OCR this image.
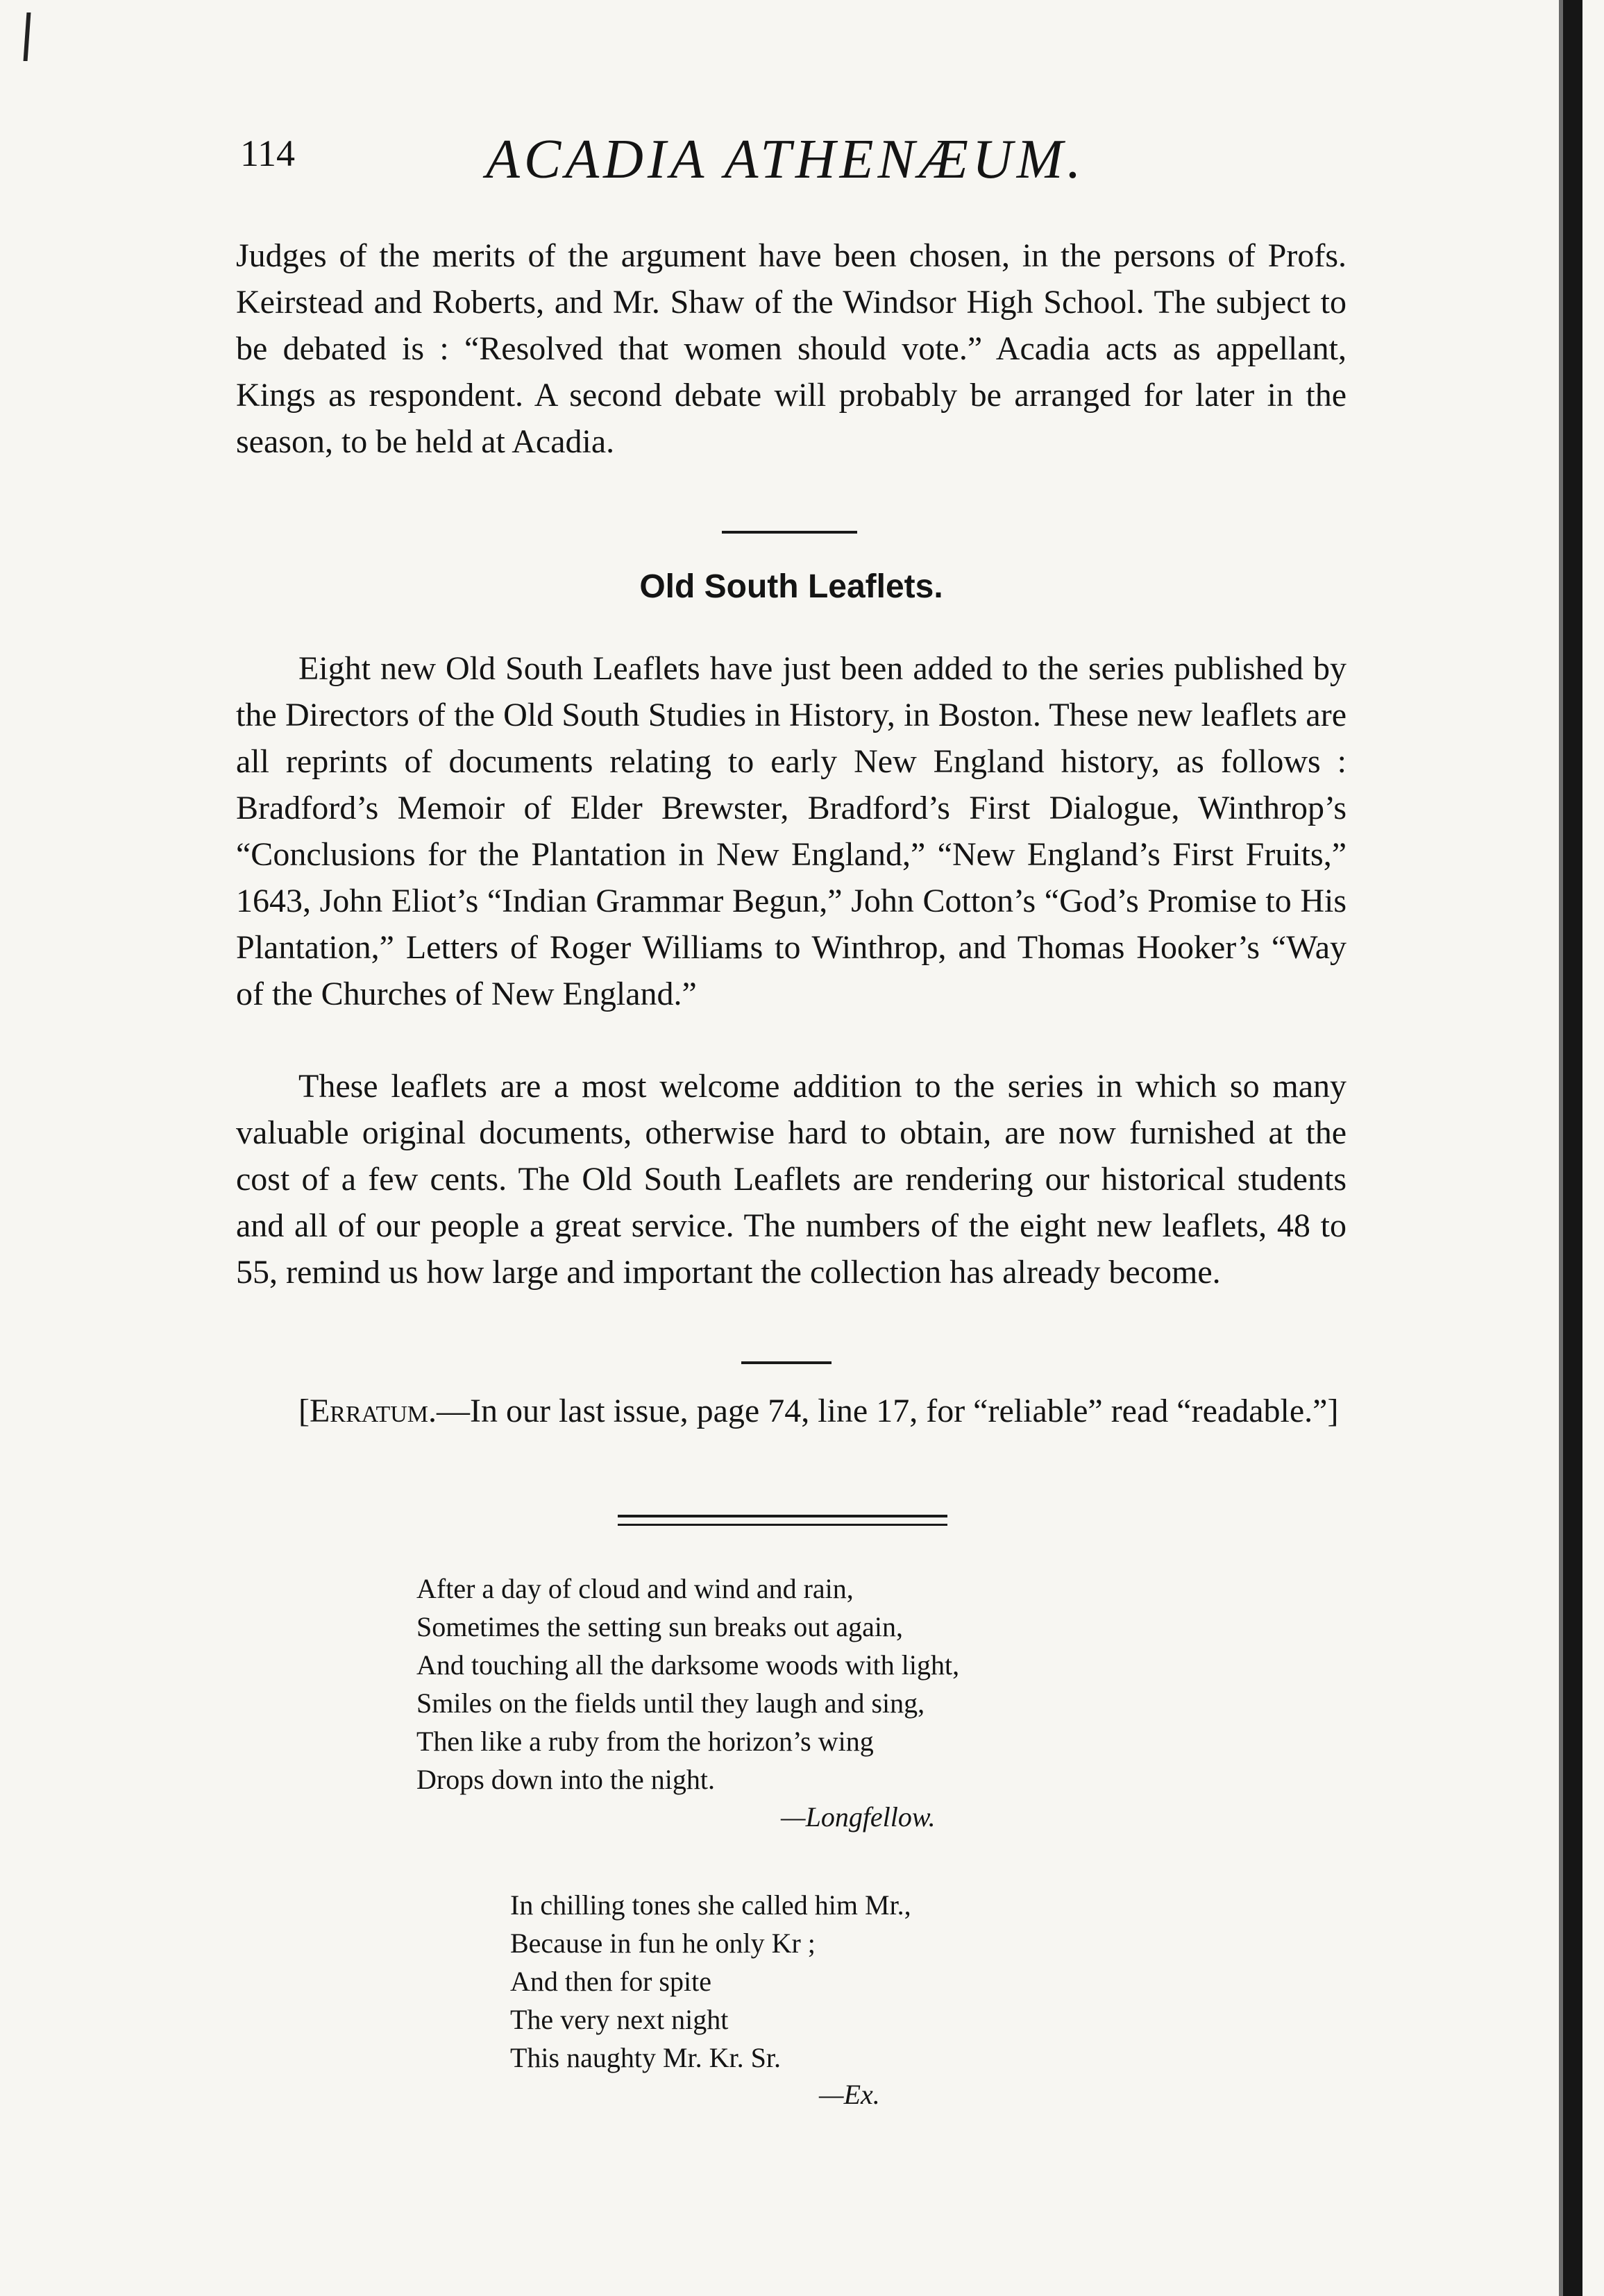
114	ACADIA ATHENÆUM.

Judges of the merits of the argument have been chosen, in the persons of Profs. Keirstead and Roberts, and Mr. Shaw of the Windsor High School. The subject to be debated is : “Resolved that women should vote.” Acadia acts as appellant, Kings as respondent. A second debate will probably be arranged for later in the season, to be held at Acadia.

Old South Leaflets.

Eight new Old South Leaflets have just been added to the series published by the Directors of the Old South Studies in History, in Boston. These new leaflets are all reprints of documents relating to early New England history, as follows : Bradford’s Memoir of Elder Brewster, Bradford’s First Dialogue, Winthrop’s “Conclusions for the Plantation in New England,” “New England’s First Fruits,” 1643, John Eliot’s “Indian Grammar Begun,” John Cotton’s “God’s Promise to His Plantation,” Letters of Roger Williams to Winthrop, and Thomas Hooker’s “Way of the Churches of New England.”

These leaflets are a most welcome addition to the series in which so many valuable original documents, otherwise hard to obtain, are now furnished at the cost of a few cents. The Old South Leaflets are rendering our historical students and all of our people a great service. The numbers of the eight new leaflets, 48 to 55, remind us how large and important the collection has already become.

[Erratum.—In our last issue, page 74, line 17, for “reliable” read “readable.”]

After a day of cloud and wind and rain,
Sometimes the setting sun breaks out again,
And touching all the darksome woods with light,
Smiles on the fields until they laugh and sing,
Then like a ruby from the horizon’s wing
Drops down into the night.
—Longfellow.
In chilling tones she called him Mr.,
Because in fun he only Kr ;
And then for spite
The very next night
This naughty Mr. Kr. Sr.
—Ex.
